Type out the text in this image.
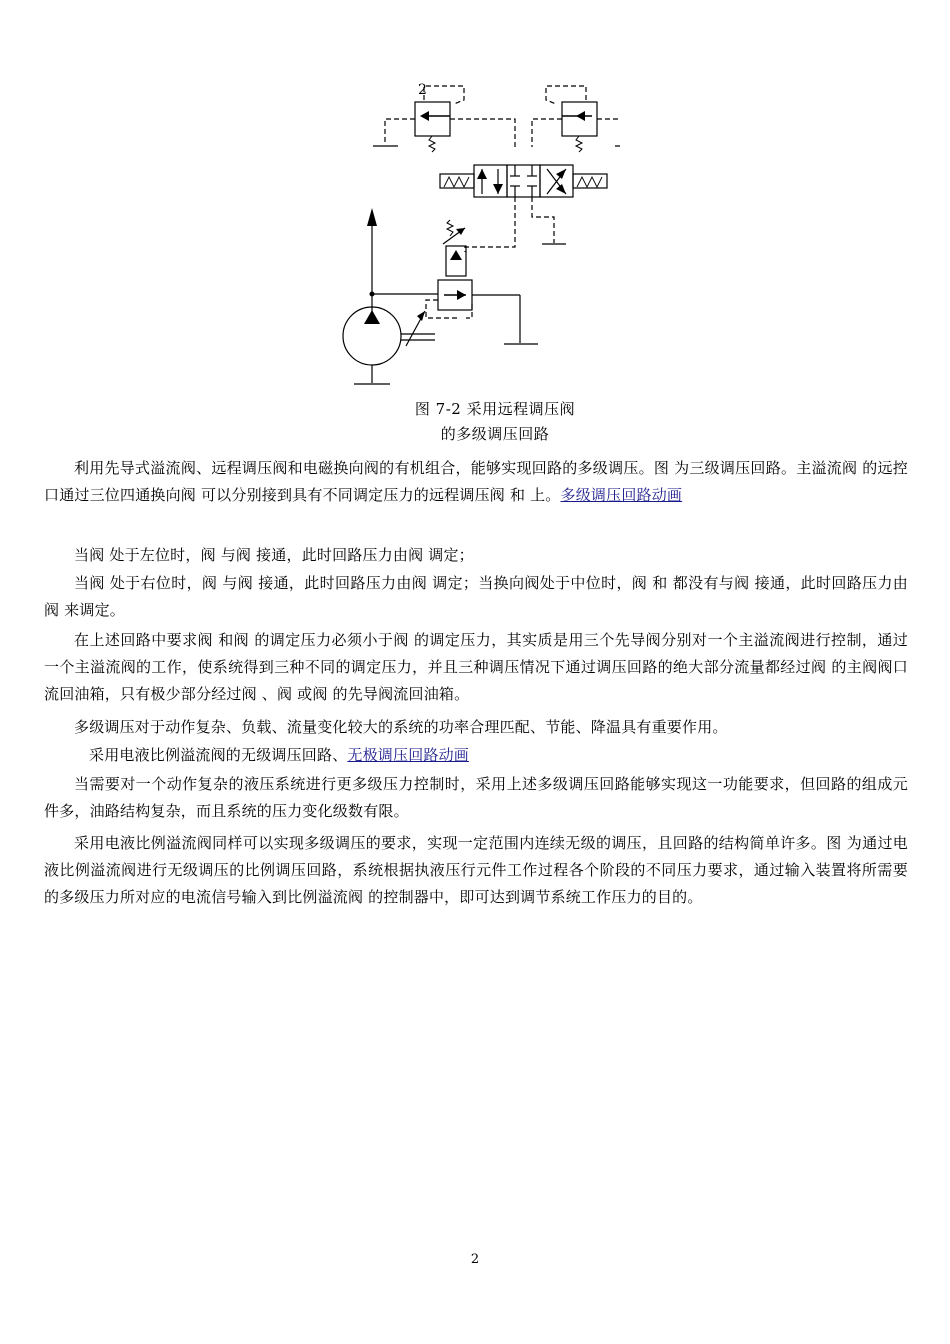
2
图 7-2 采用远程调压阀
的多级调压回路

利用先导式溢流阀、远程调压阀和电磁换向阀的有机组合，能够实现回路的多级调压。图 为三级调压回路。主溢流阀 的远控口通过三位四通换向阀 可以分别接到具有不同调定压力的远程调压阀 和 上。多级调压回路动画

当阀 处于左位时，阀 与阀 接通，此时回路压力由阀 调定；

当阀 处于右位时，阀 与阀 接通，此时回路压力由阀 调定；当换向阀处于中位时，阀 和 都没有与阀 接通，此时回路压力由阀 来调定。

在上述回路中要求阀 和阀 的调定压力必须小于阀 的调定压力，其实质是用三个先导阀分别对一个主溢流阀进行控制，通过一个主溢流阀的工作，使系统得到三种不同的调定压力，并且三种调压情况下通过调压回路的绝大部分流量都经过阀 的主阀阀口流回油箱，只有极少部分经过阀 、阀 或阀 的先导阀流回油箱。

多级调压对于动作复杂、负载、流量变化较大的系统的功率合理匹配、节能、降温具有重要作用。

采用电液比例溢流阀的无级调压回路、无极调压回路动画

当需要对一个动作复杂的液压系统进行更多级压力控制时，采用上述多级调压回路能够实现这一功能要求，但回路的组成元件多，油路结构复杂，而且系统的压力变化级数有限。

采用电液比例溢流阀同样可以实现多级调压的要求，实现一定范围内连续无级的调压，且回路的结构简单许多。图 为通过电液比例溢流阀进行无级调压的比例调压回路，系统根据执液压行元件工作过程各个阶段的不同压力要求，通过输入装置将所需要的多级压力所对应的电流信号输入到比例溢流阀 的控制器中，即可达到调节系统工作压力的目的。

2
